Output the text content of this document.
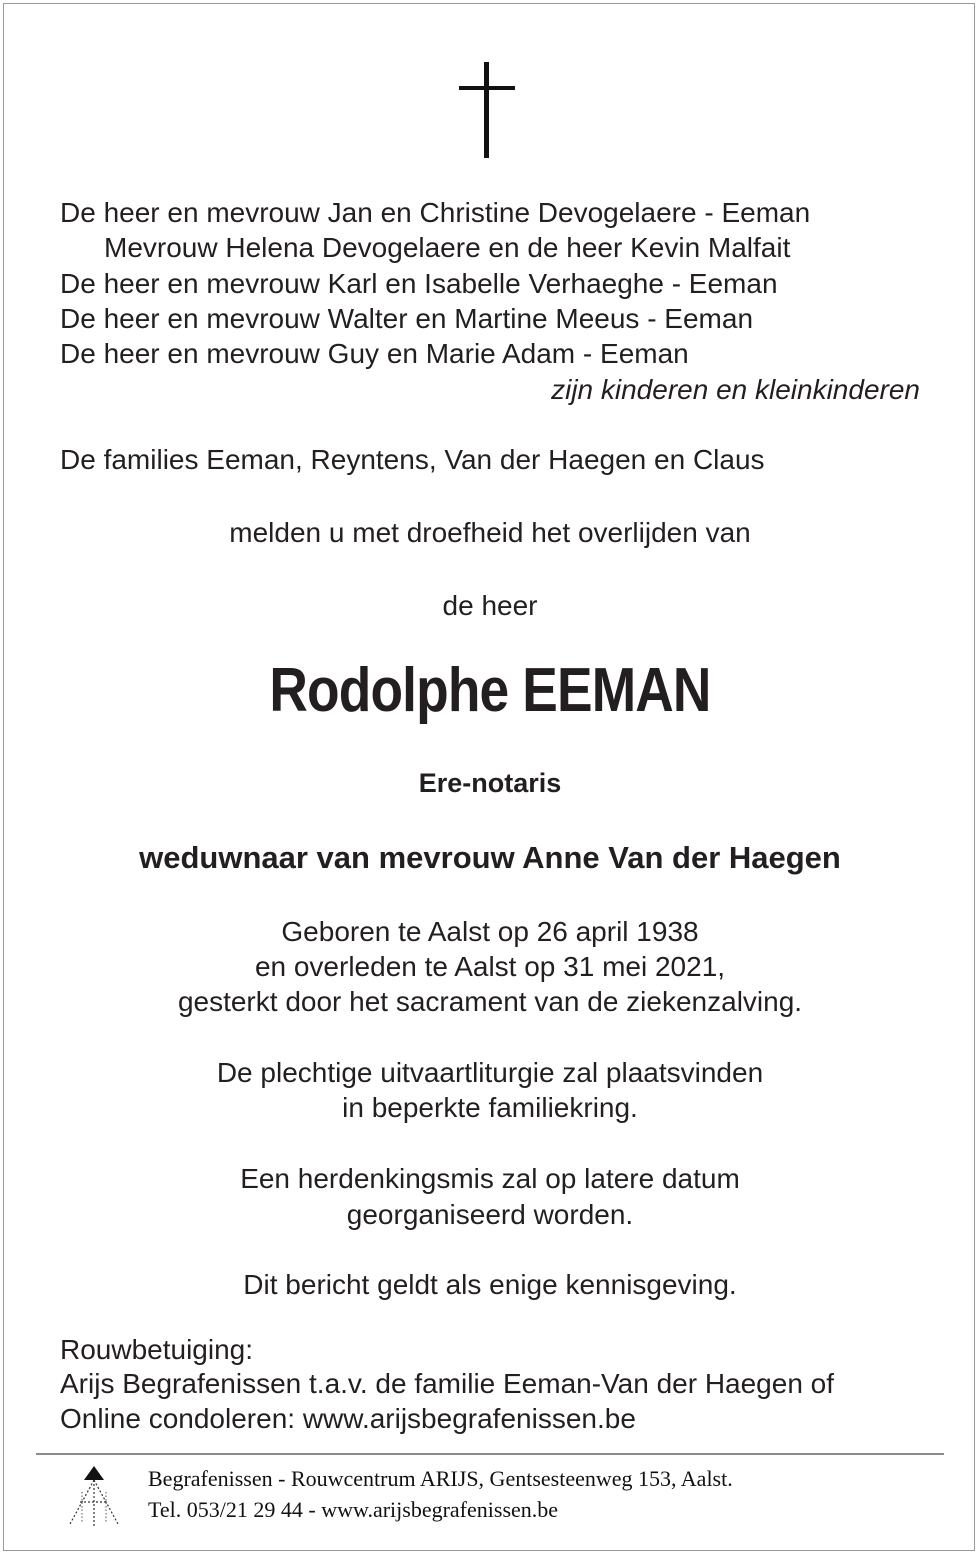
De heer en mevrouw Jan en Christine Devogelaere - Eeman
Mevrouw Helena Devogelaere en de heer Kevin Malfait
De heer en mevrouw Karl en Isabelle Verhaeghe - Eeman
De heer en mevrouw Walter en Martine Meeus - Eeman
De heer en mevrouw Guy en Marie Adam - Eeman
zijn kinderen en kleinkinderen
De families Eeman, Reyntens, Van der Haegen en Claus
melden u met droefheid het overlijden van
de heer
Rodolphe EEMAN
Ere-notaris
weduwnaar van mevrouw Anne Van der Haegen
Geboren te Aalst op 26 april 1938
en overleden te Aalst op 31 mei 2021,
gesterkt door het sacrament van de ziekenzalving.
De plechtige uitvaartliturgie zal plaatsvinden
in beperkte familiekring.
Een herdenkingsmis zal op latere datum
georganiseerd worden.
Dit bericht geldt als enige kennisgeving.
Rouwbetuiging:
Arijs Begrafenissen t.a.v. de familie Eeman-Van der Haegen of
Online condoleren: www.arijsbegrafenissen.be
Begrafenissen - Rouwcentrum ARIJS, Gentsesteenweg 153, Aalst.
Tel. 053/21 29 44 - www.arijsbegrafenissen.be
